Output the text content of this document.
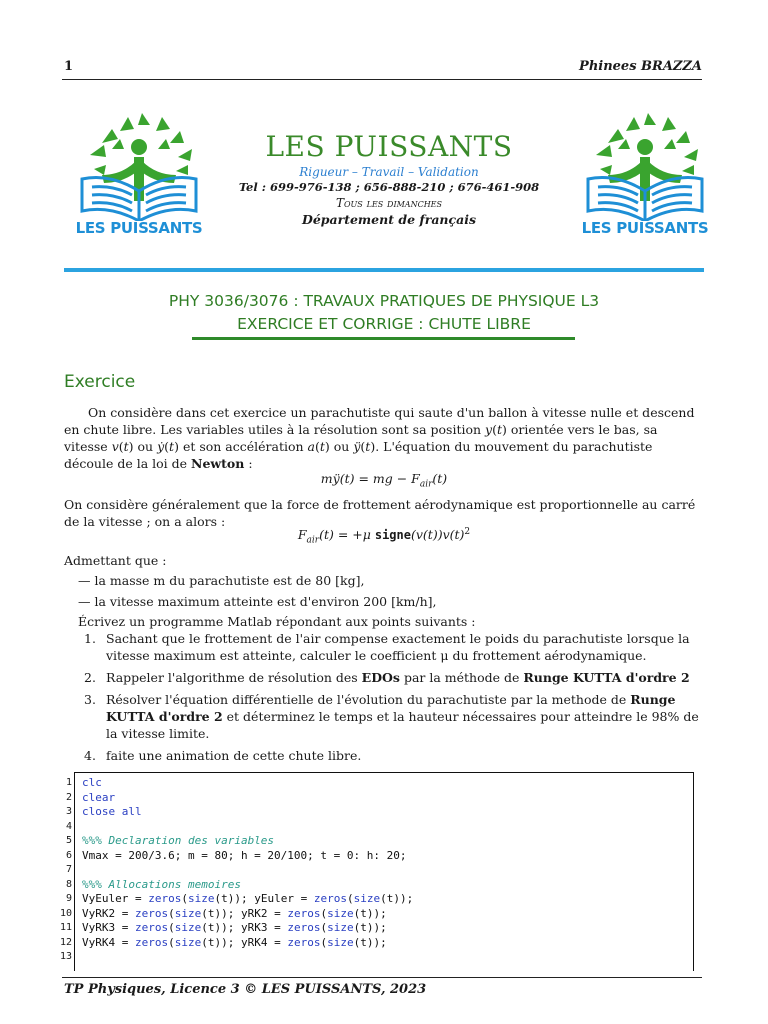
1	Phinees BRAZZA
LES PUISSANTS	LES PUISSANTS
LES PUISSANTS
Rigueur – Travail – Validation
Tel : 699-976-138 ; 656-888-210 ; 676-461-908
Tous les dimanches
Département de français
PHY 3036/3076 : TRAVAUX PRATIQUES DE PHYSIQUE L3
EXERCICE ET CORRIGE : CHUTE LIBRE
Exercice
On considère dans cet exercice un parachutiste qui saute d'un ballon à vitesse nulle et descend en chute libre. Les variables utiles à la résolution sont sa position y(t) orientée vers le bas, sa vitesse v(t) ou ẏ(t) et son accélération a(t) ou ÿ(t). L'équation du mouvement du parachutiste découle de la loi de Newton :
mÿ(t) = mg − $F_{air}(t)$
On considère généralement que la force de frottement aérodynamique est proportionnelle au carré de la vitesse ; on a alors :
$F_{air}(t) = +\mu$ $signe(v(t))v(t)^2$
Admettant que :
— la masse m du parachutiste est de 80 [kg],
— la vitesse maximum atteinte est d'environ 200 [km/h],
Écrivez un programme Matlab répondant aux points suivants :
1. Sachant que le frottement de l'air compense exactement le poids du parachutiste lorsque la vitesse maximum est atteinte, calculer le coefficient μ du frottement aérodynamique.
2. Rappeler l'algorithme de résolution des EDOs par la méthode de Runge KUTTA d'ordre 2
3. Résolver l'équation différentielle de l'évolution du parachutiste par la methode de Runge KUTTA d'ordre 2 et déterminez le temps et la hauteur nécessaires pour atteindre le 98% de la vitesse limite.
4. faite une animation de cette chute libre.
1
2
3
4
5
6
7
8
9
10
11
12
13
clc
clear
close all
%%% Declaration des variables
Vmax = 200/3.6; m = 80; h = 20/100; t = 0: h: 20;
%%% Allocations memoires
VyEuler = zeros(size(t)); yEuler = zeros(size(t));
VyRK2 = zeros(size(t)); yRK2 = zeros(size(t));
VyRK3 = zeros(size(t)); yRK3 = zeros(size(t));
VyRK4 = zeros(size(t)); yRK4 = zeros(size(t));
TP Physiques, Licence 3 © LES PUISSANTS, 2023
